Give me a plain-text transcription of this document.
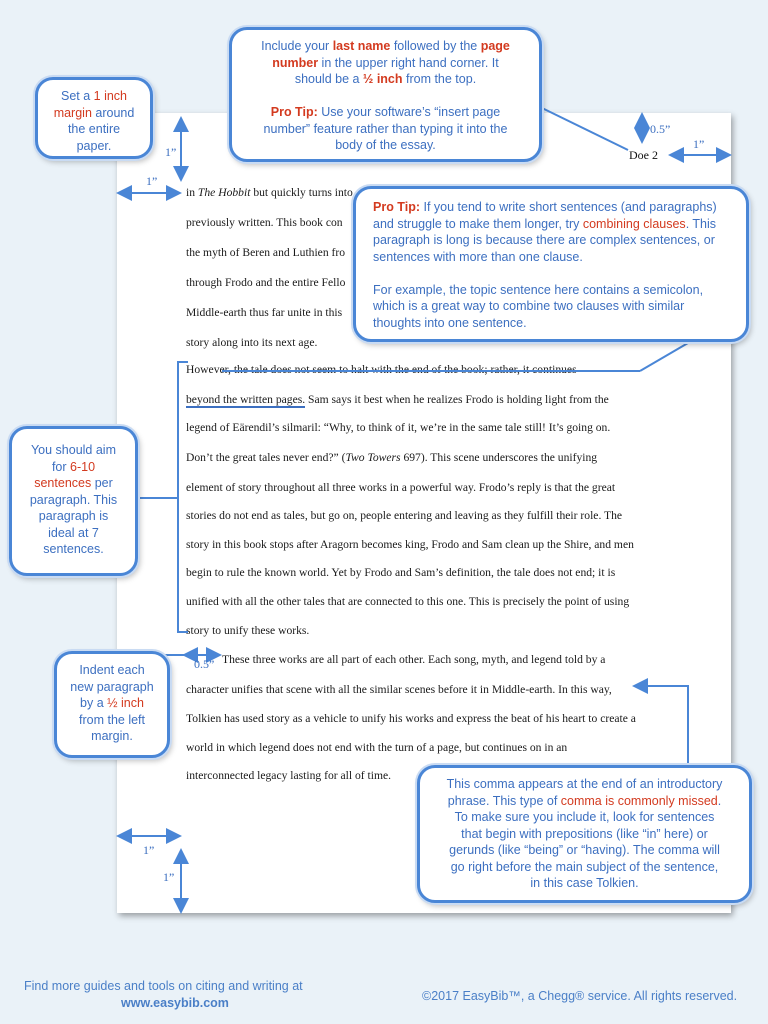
Doe 2
in The Hobbit but quickly turns into
previously written. This book con
the myth of Beren and Luthien fro
through Frodo and the entire Fello
Middle-earth thus far unite in this
story along into its next age.
However, the tale does not seem to halt with the end of the book; rather, it continues
beyond the written pages. Sam says it best when he realizes Frodo is holding light from the
legend of Eärendil’s silmaril: “Why, to think of it, we’re in the same tale still! It’s going on.
Don’t the great tales never end?” (Two Towers 697). This scene underscores the unifying
element of story throughout all three works in a powerful way. Frodo’s reply is that the great
stories do not end as tales, but go on, people entering and leaving as they fulfill their role. The
story in this book stops after Aragorn becomes king, Frodo and Sam clean up the Shire, and men
begin to rule the known world. Yet by Frodo and Sam’s definition, the tale does not end; it is
unified with all the other tales that are connected to this one. This is precisely the point of using
story to unify these works.
These three works are all part of each other. Each song, myth, and legend told by a
character unifies that scene with all the similar scenes before it in Middle-earth. In this way,
Tolkien has used story as a vehicle to unify his works and express the beat of his heart to create a
world in which legend does not end with the turn of a page, but continues on in an
interconnected legacy lasting for all of time.
1”
1”
0.5”
1”
0.5”
1”
1”
Include your last name followed by the page
number in the upper right hand corner. It
should be a ½ inch from the top.
Pro Tip: Use your software’s “insert page
number” feature rather than typing it into the
body of the essay.
Set a 1 inch
margin around
the entire
paper.
Pro Tip: If you tend to write short sentences (and paragraphs)
and struggle to make them longer, try combining clauses. This
paragraph is long is because there are complex sentences, or
sentences with more than one clause.
For example, the topic sentence here contains a semicolon,
which is a great way to combine two clauses with similar
thoughts into one sentence.
You should aim
for 6-10
sentences per
paragraph. This
paragraph is
ideal at 7
sentences.
Indent each
new paragraph
by a ½ inch
from the left
margin.
This comma appears at the end of an introductory
phrase. This type of comma is commonly missed.
To make sure you include it, look for sentences
that begin with prepositions (like “in” here) or
gerunds (like “being” or “having). The comma will
go right before the main subject of the sentence,
in this case Tolkien.
Find more guides and tools on citing and writing at
www.easybib.com	©2017 EasyBib™, a Chegg® service. All rights reserved.
